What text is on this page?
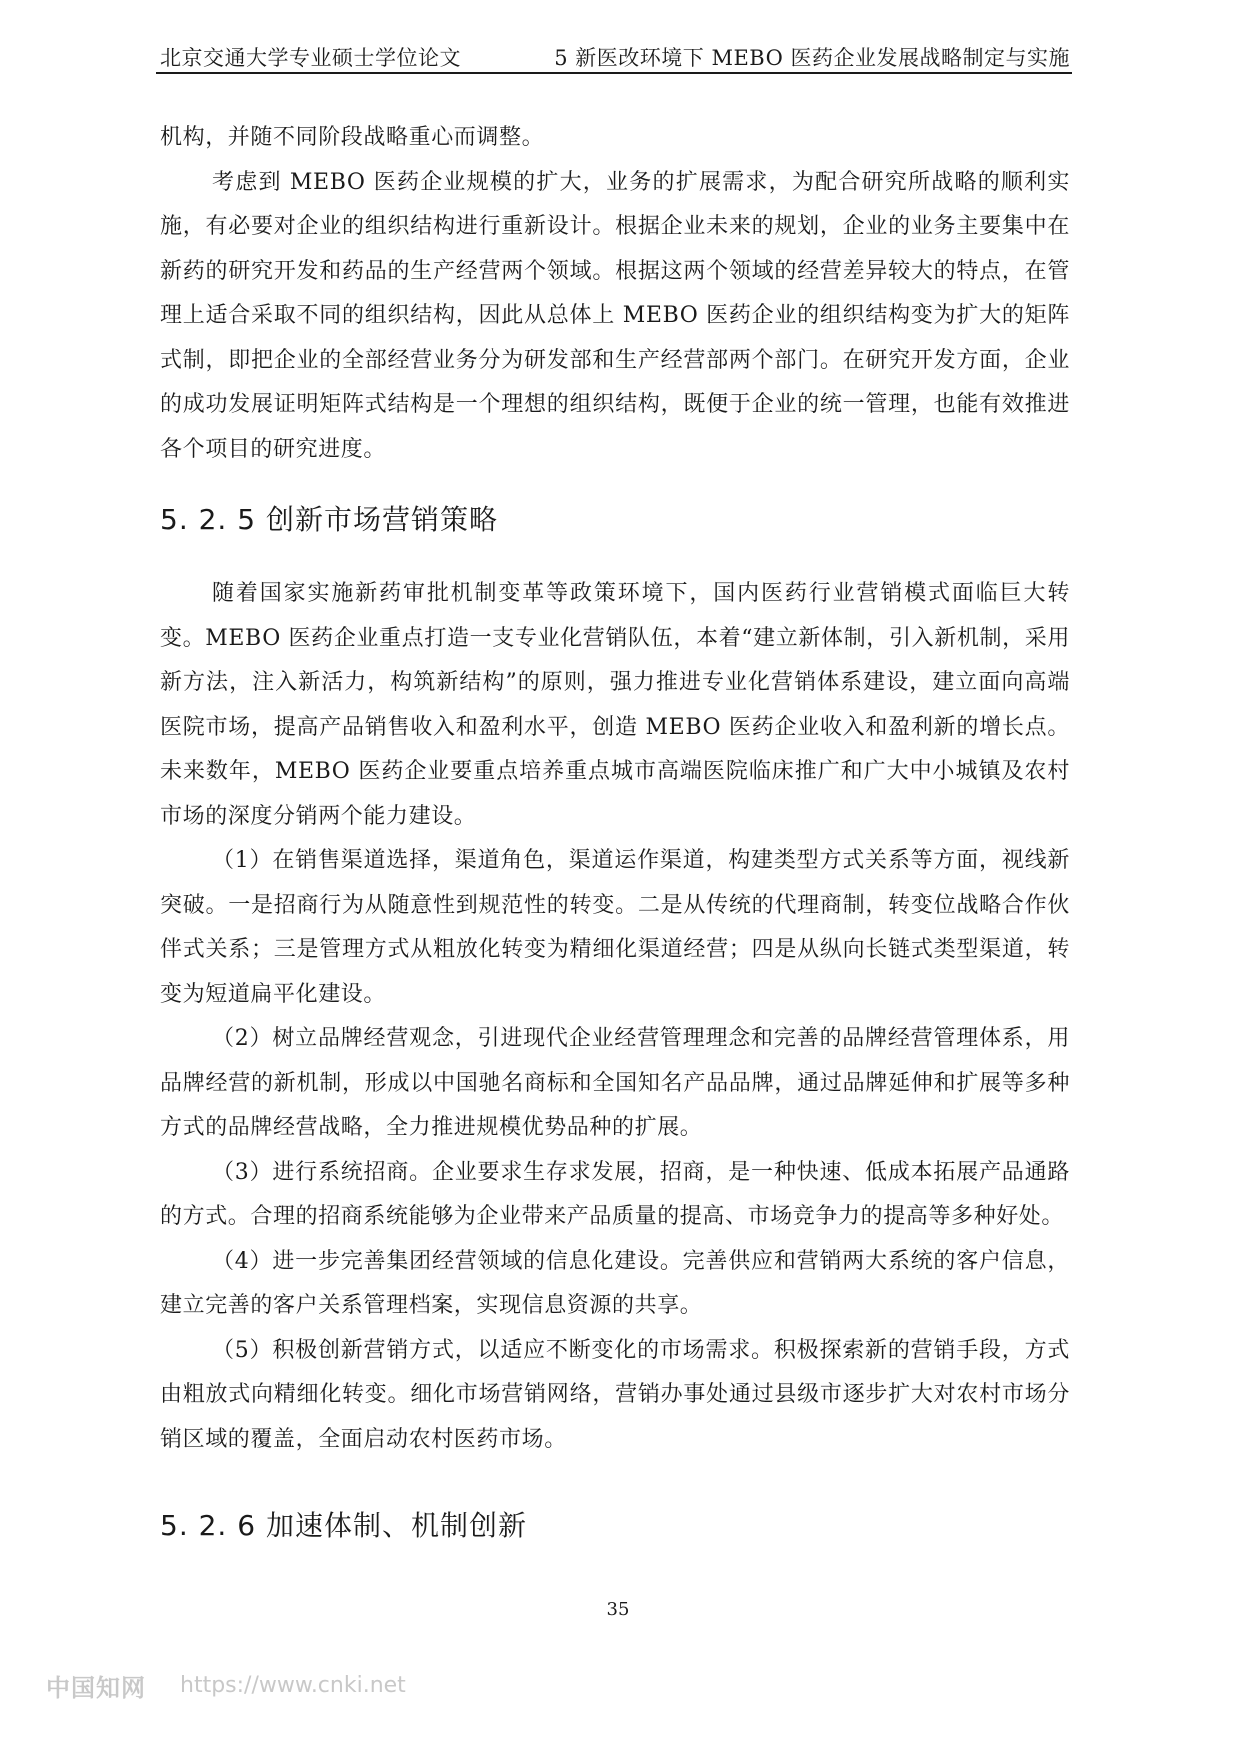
北京交通大学专业硕士学位论文	5 新医改环境下 MEBO 医药企业发展战略制定与实施

机构，并随不同阶段战略重心而调整。

考虑到 MEBO 医药企业规模的扩大，业务的扩展需求，为配合研究所战略的顺利实施，有必要对企业的组织结构进行重新设计。根据企业未来的规划，企业的业务主要集中在新药的研究开发和药品的生产经营两个领域。根据这两个领域的经营差异较大的特点，在管理上适合采取不同的组织结构，因此从总体上 MEBO 医药企业的组织结构变为扩大的矩阵式制，即把企业的全部经营业务分为研发部和生产经营部两个部门。在研究开发方面，企业的成功发展证明矩阵式结构是一个理想的组织结构，既便于企业的统一管理，也能有效推进各个项目的研究进度。

5. 2. 5 创新市场营销策略

随着国家实施新药审批机制变革等政策环境下，国内医药行业营销模式面临巨大转变。MEBO 医药企业重点打造一支专业化营销队伍，本着“建立新体制，引入新机制，采用新方法，注入新活力，构筑新结构”的原则，强力推进专业化营销体系建设，建立面向高端医院市场，提高产品销售收入和盈利水平，创造 MEBO 医药企业收入和盈利新的增长点。未来数年，MEBO 医药企业要重点培养重点城市高端医院临床推广和广大中小城镇及农村市场的深度分销两个能力建设。

（1）在销售渠道选择，渠道角色，渠道运作渠道，构建类型方式关系等方面，视线新突破。一是招商行为从随意性到规范性的转变。二是从传统的代理商制，转变位战略合作伙伴式关系；三是管理方式从粗放化转变为精细化渠道经营；四是从纵向长链式类型渠道，转变为短道扁平化建设。

（2）树立品牌经营观念，引进现代企业经营管理理念和完善的品牌经营管理体系，用品牌经营的新机制，形成以中国驰名商标和全国知名产品品牌，通过品牌延伸和扩展等多种方式的品牌经营战略，全力推进规模优势品种的扩展。

（3）进行系统招商。企业要求生存求发展，招商，是一种快速、低成本拓展产品通路的方式。合理的招商系统能够为企业带来产品质量的提高、市场竞争力的提高等多种好处。

（4）进一步完善集团经营领域的信息化建设。完善供应和营销两大系统的客户信息，建立完善的客户关系管理档案，实现信息资源的共享。

（5）积极创新营销方式，以适应不断变化的市场需求。积极探索新的营销手段，方式由粗放式向精细化转变。细化市场营销网络，营销办事处通过县级市逐步扩大对农村市场分销区域的覆盖，全面启动农村医药市场。

5. 2. 6 加速体制、机制创新
35
中国知网 https://www.cnki.net
